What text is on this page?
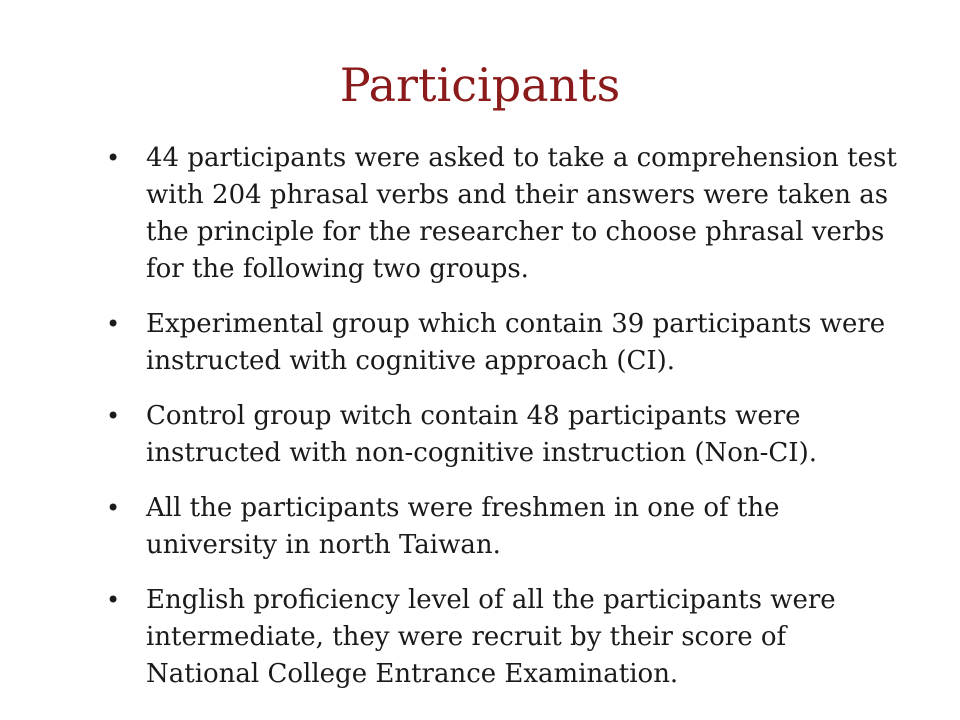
Participants
• 44 participants were asked to take a comprehension test
with 204 phrasal verbs and their answers were taken as
the principle for the researcher to choose phrasal verbs
for the following two groups.
• Experimental group which contain 39 participants were
instructed with cognitive approach (CI).
• Control group witch contain 48 participants were
instructed with non-cognitive instruction (Non-CI).
• All the participants were freshmen in one of the
university in north Taiwan.
• English proficiency level of all the participants were
intermediate, they were recruit by their score of
National College Entrance Examination.
